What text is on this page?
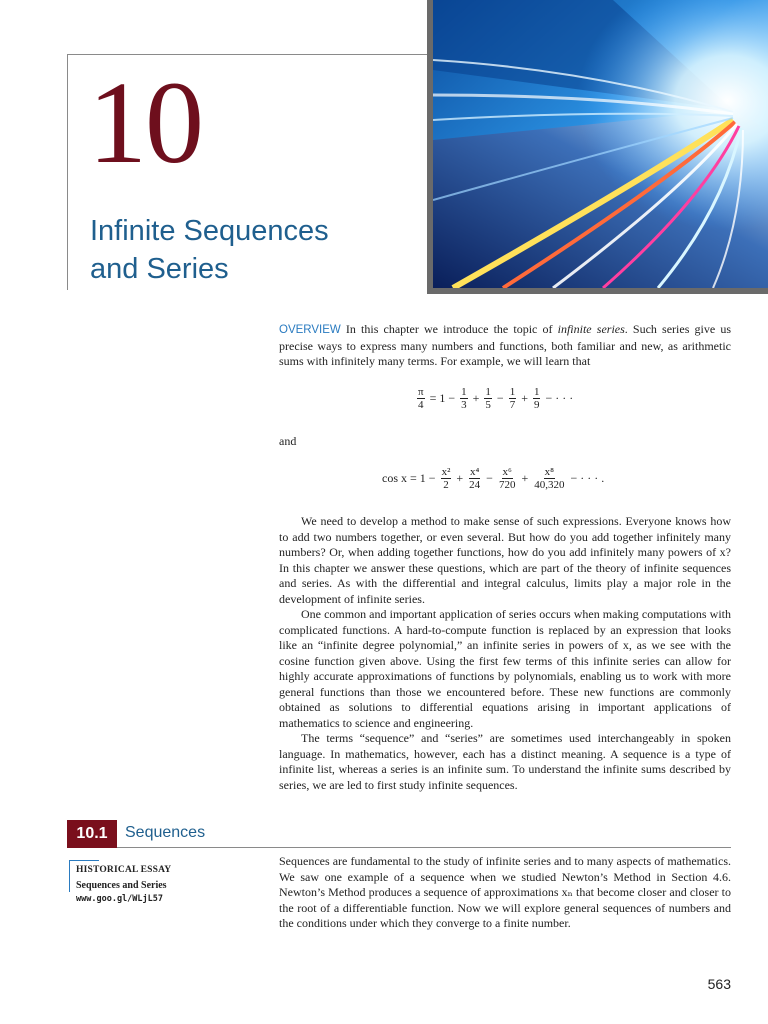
10
Infinite Sequences
and Series

OVERVIEW In this chapter we introduce the topic of infinite series. Such series give us precise ways to express many numbers and functions, both familiar and new, as arithmetic sums with infinitely many terms. For example, we will learn that

$\frac{\pi}{4} = 1 - \frac{1}{3} + \frac{1}{5} - \frac{1}{7} + \frac{1}{9}$ − · · ·
and
$\cos x = 1 - \frac{\text{x²}}{2} + \frac{\text{x⁴}}{24} - \frac{\text{x⁶}}{720} + \frac{\text{x⁸}}{40,320}$ − · · · .

We need to develop a method to make sense of such expressions. Everyone knows how to add two numbers together, or even several. But how do you add together infinitely many numbers? Or, when adding together functions, how do you add infinitely many powers of x? In this chapter we answer these questions, which are part of the theory of infinite sequences and series. As with the differential and integral calculus, limits play a major role in the development of infinite series.

One common and important application of series occurs when making computations with complicated functions. A hard-to-compute function is replaced by an expression that looks like an “infinite degree polynomial,” an infinite series in powers of x, as we see with the cosine function given above. Using the first few terms of this infinite series can allow for highly accurate approximations of functions by polynomials, enabling us to work with more general functions than those we encountered before. These new functions are commonly obtained as solutions to differential equations arising in important applications of mathematics to science and engineering.

The terms “sequence” and “series” are sometimes used interchangeably in spoken language. In mathematics, however, each has a distinct meaning. A sequence is a type of infinite list, whereas a series is an infinite sum. To understand the infinite sums described by series, we are led to first study infinite sequences.

10.1	Sequences
HISTORICAL ESSAY
Sequences and Series
www.goo.gl/WLjL57

Sequences are fundamental to the study of infinite series and to many aspects of mathematics. We saw one example of a sequence when we studied Newton’s Method in Section 4.6. Newton’s Method produces a sequence of approximations xₙ that become closer and closer to the root of a differentiable function. Now we will explore general sequences of numbers and the conditions under which they converge to a finite number.

563
